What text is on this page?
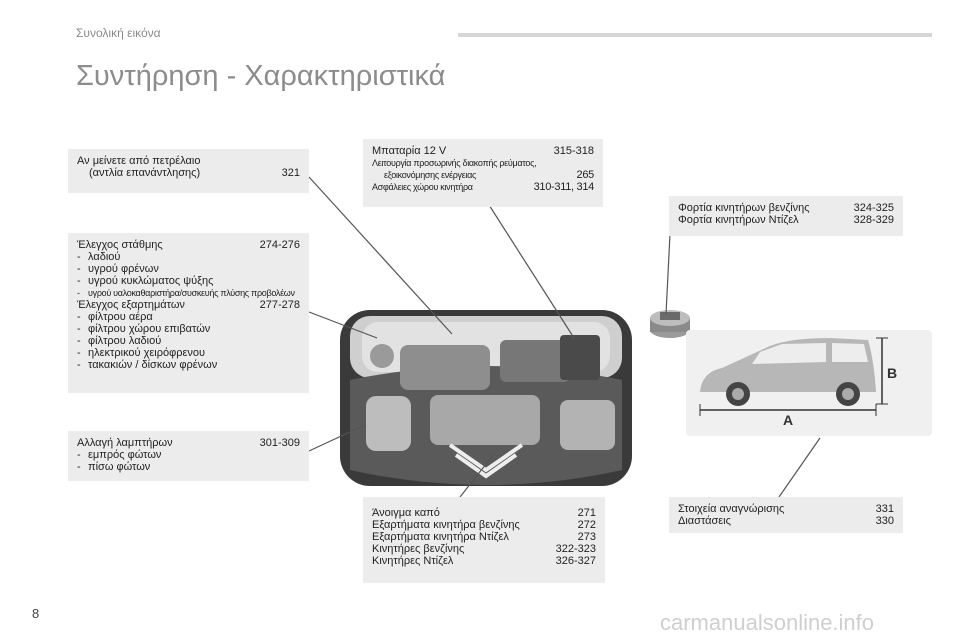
Συνολική εικόνα
Συντήρηση - Χαρακτηριστικά
A
B
Αν μείνετε από πετρέλαιο
(αντλία επανάντλησης)	321
Έλεγχος στάθμης	274-276
- λαδιού
- υγρού φρένων
- υγρού κυκλώματος ψύξης
- υγρού υαλοκαθαριστήρα/συσκευής πλύσης προβολέων
Έλεγχος εξαρτημάτων	277-278
- φίλτρου αέρα
- φίλτρου χώρου επιβατών
- φίλτρου λαδιού
- ηλεκτρικού χειρόφρενου
- τακακιών / δίσκων φρένων
Αλλαγή λαμπτήρων	301-309
- εμπρός φώτων
- πίσω φώτων
Μπαταρία 12 V	315-318
Λειτουργία προσωρινής διακοπής ρεύματος,
εξοικονόμησης ενέργειας	265
Ασφάλειες χώρου κινητήρα	310-311, 314
Άνοιγμα καπό	271
Εξαρτήματα κινητήρα βενζίνης	272
Εξαρτήματα κινητήρα Ντίζελ	273
Κινητήρες βενζίνης	322-323
Κινητήρες Ντίζελ	326-327
Φορτία κινητήρων βενζίνης	324-325
Φορτία κινητήρων Ντίζελ	328-329
Στοιχεία αναγνώρισης	331
Διαστάσεις	330
8	carmanualsonline.info
